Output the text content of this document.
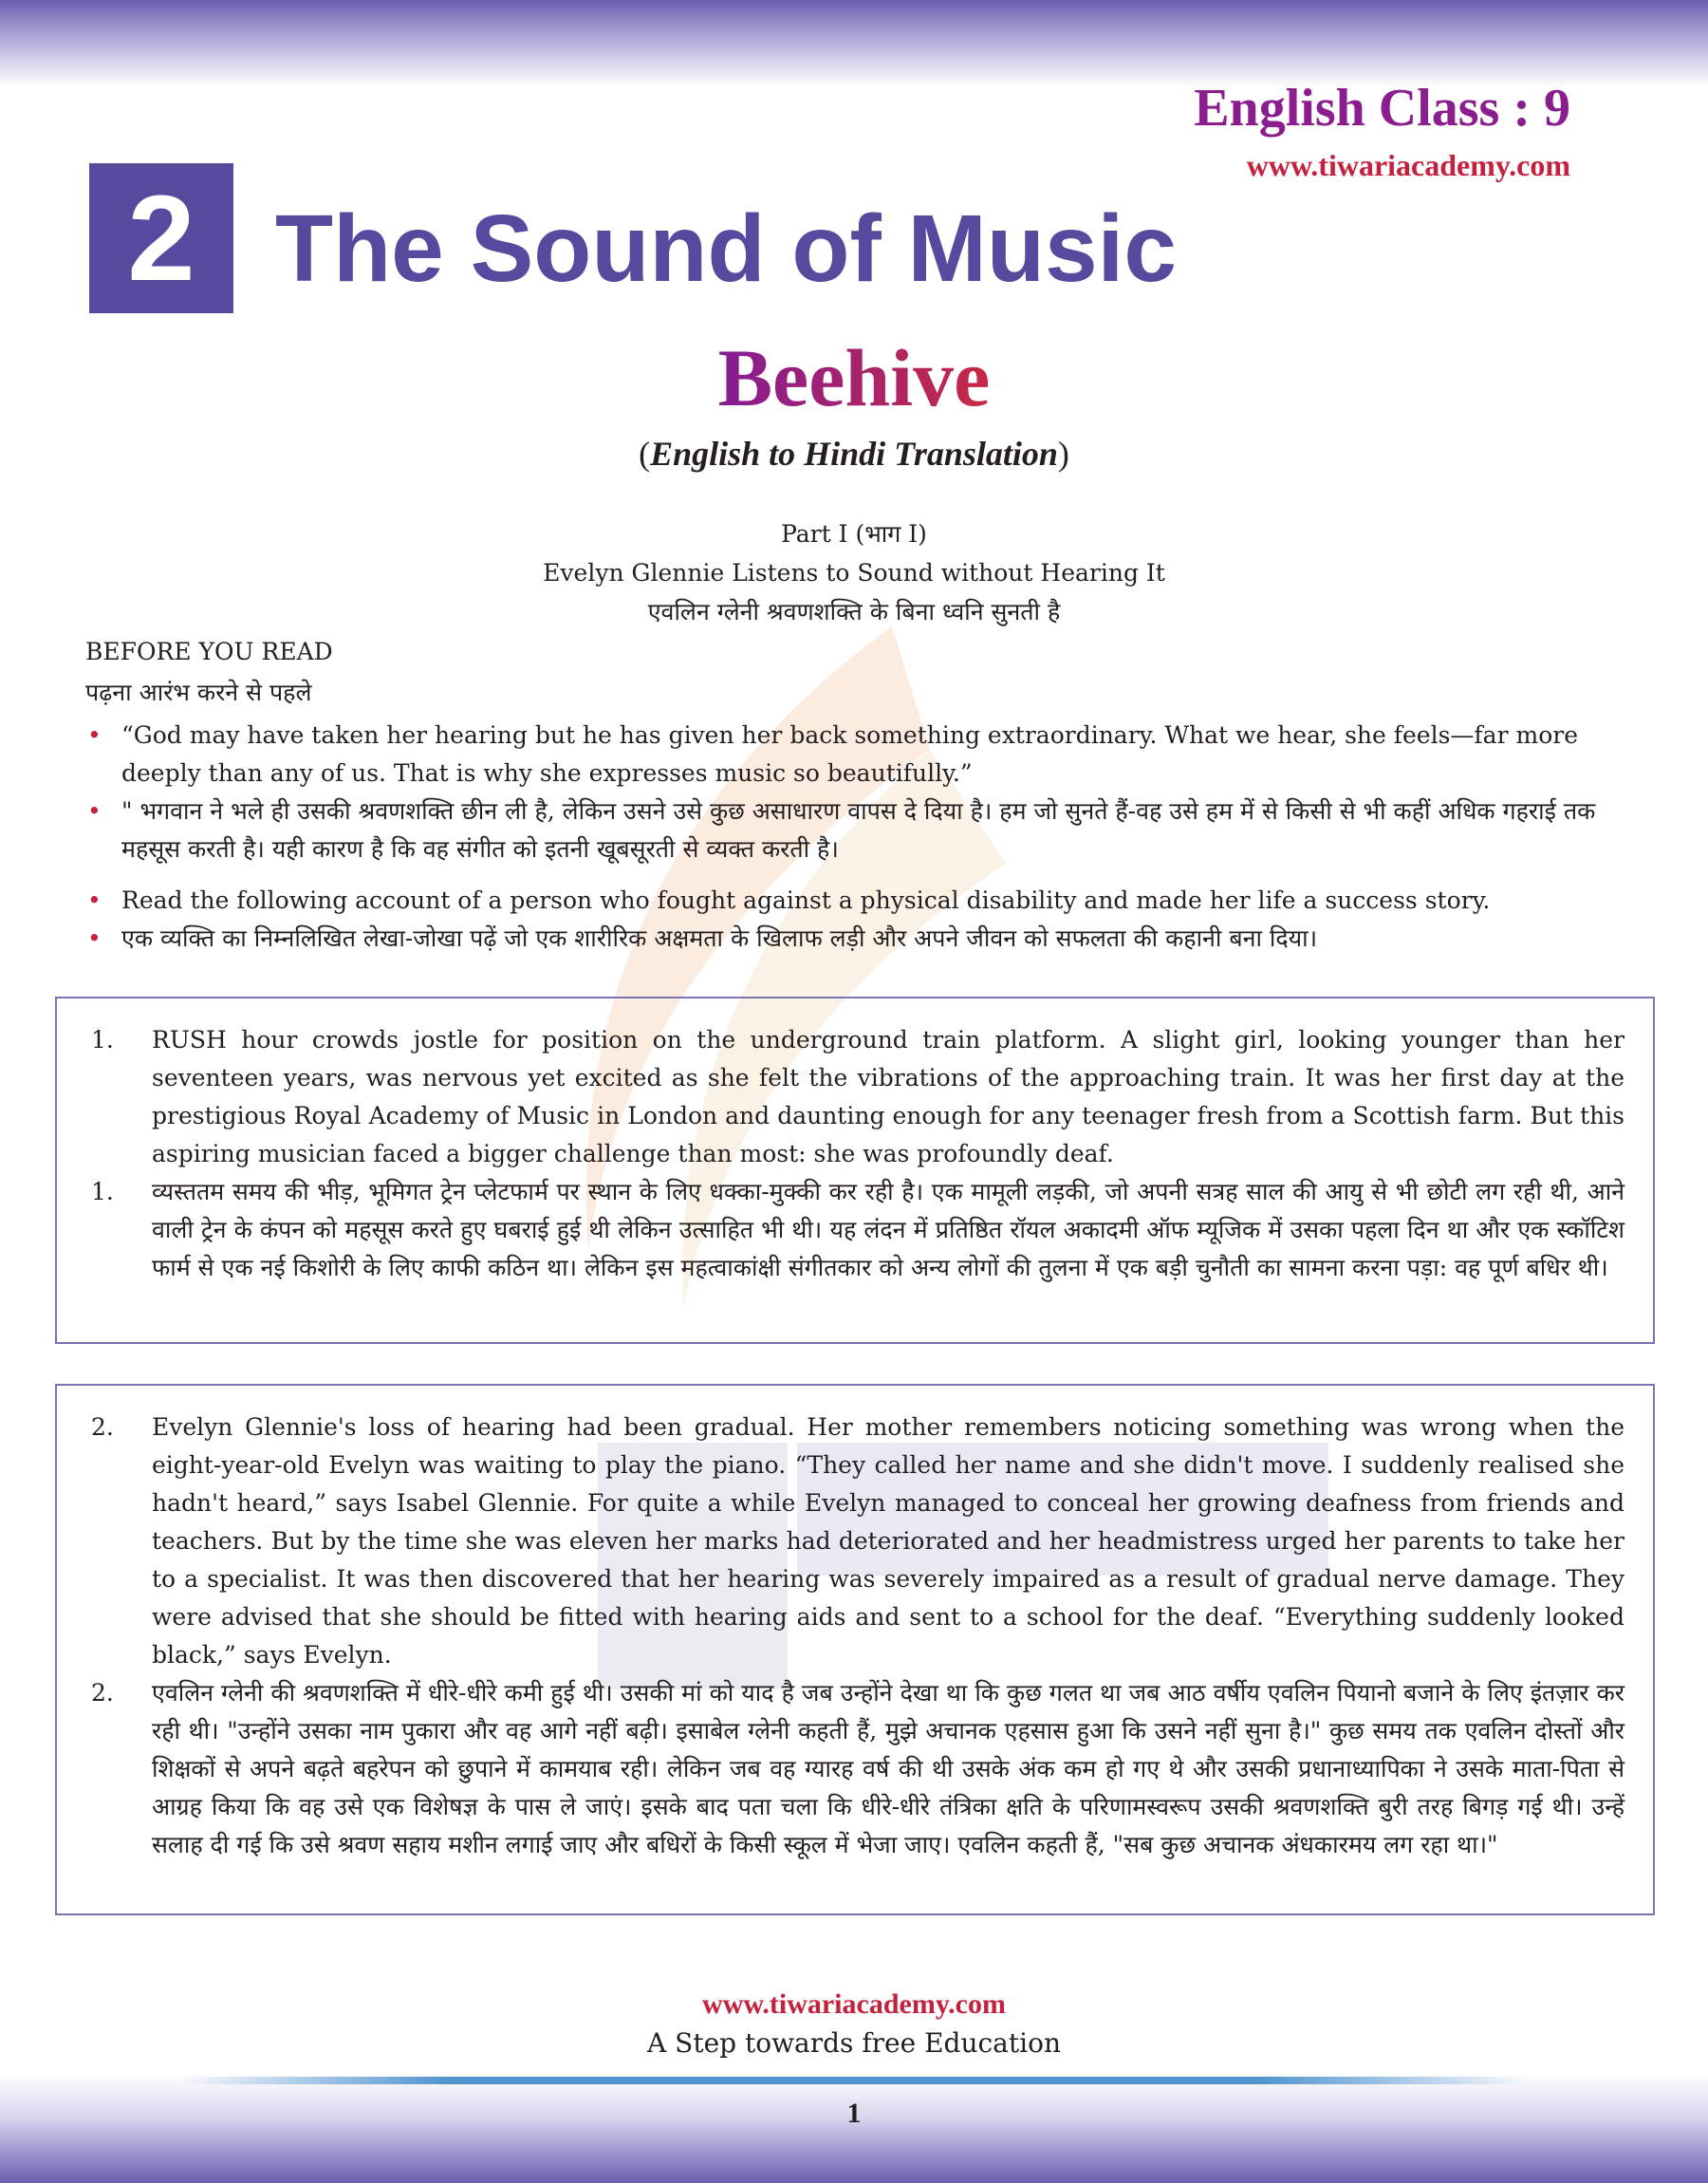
English Class : 9
www.tiwariacademy.com
2 The Sound of Music
Beehive
(English to Hindi Translation)
Part I (भाग I)
Evelyn Glennie Listens to Sound without Hearing It
एवलिन ग्लेनी श्रवणशक्ति के बिना ध्वनि सुनती है
BEFORE YOU READ
पढ़ना आरंभ करने से पहले
• “God may have taken her hearing but he has given her back something extraordinary. What we hear, she feels—far more deeply than any of us. That is why she expresses music so beautifully.”
• " भगवान ने भले ही उसकी श्रवणशक्ति छीन ली है, लेकिन उसने उसे कुछ असाधारण वापस दे दिया है। हम जो सुनते हैं-वह उसे हम में से किसी से भी कहीं अधिक गहराई तक महसूस करती है। यही कारण है कि वह संगीत को इतनी खूबसूरती से व्यक्त करती है।
• Read the following account of a person who fought against a physical disability and made her life a success story.
• एक व्यक्ति का निम्नलिखित लेखा-जोखा पढ़ें जो एक शारीरिक अक्षमता के खिलाफ लड़ी और अपने जीवन को सफलता की कहानी बना दिया।
1. RUSH hour crowds jostle for position on the underground train platform. A slight girl, looking younger than her seventeen years, was nervous yet excited as she felt the vibrations of the approaching train. It was her first day at the prestigious Royal Academy of Music in London and daunting enough for any teenager fresh from a Scottish farm. But this aspiring musician faced a bigger challenge than most: she was profoundly deaf.
1. व्यस्ततम समय की भीड़, भूमिगत ट्रेन प्लेटफार्म पर स्थान के लिए धक्का-मुक्की कर रही है। एक मामूली लड़की, जो अपनी सत्रह साल की आयु से भी छोटी लग रही थी, आने वाली ट्रेन के कंपन को महसूस करते हुए घबराई हुई थी लेकिन उत्साहित भी थी। यह लंदन में प्रतिष्ठित रॉयल अकादमी ऑफ म्यूजिक में उसका पहला दिन था और एक स्कॉटिश फार्म से एक नई किशोरी के लिए काफी कठिन था। लेकिन इस महत्वाकांक्षी संगीतकार को अन्य लोगों की तुलना में एक बड़ी चुनौती का सामना करना पड़ा: वह पूर्ण बधिर थी।
2. Evelyn Glennie's loss of hearing had been gradual. Her mother remembers noticing something was wrong when the eight-year-old Evelyn was waiting to play the piano. “They called her name and she didn't move. I suddenly realised she hadn't heard,” says Isabel Glennie. For quite a while Evelyn managed to conceal her growing deafness from friends and teachers. But by the time she was eleven her marks had deteriorated and her headmistress urged her parents to take her to a specialist. It was then discovered that her hearing was severely impaired as a result of gradual nerve damage. They were advised that she should be fitted with hearing aids and sent to a school for the deaf. “Everything suddenly looked black,” says Evelyn.
2. एवलिन ग्लेनी की श्रवणशक्ति में धीरे-धीरे कमी हुई थी। उसकी मां को याद है जब उन्होंने देखा था कि कुछ गलत था जब आठ वर्षीय एवलिन पियानो बजाने के लिए इंतज़ार कर रही थी। "उन्होंने उसका नाम पुकारा और वह आगे नहीं बढ़ी। इसाबेल ग्लेनी कहती हैं, मुझे अचानक एहसास हुआ कि उसने नहीं सुना है।" कुछ समय तक एवलिन दोस्तों और शिक्षकों से अपने बढ़ते बहरेपन को छुपाने में कामयाब रही। लेकिन जब वह ग्यारह वर्ष की थी उसके अंक कम हो गए थे और उसकी प्रधानाध्यापिका ने उसके माता-पिता से आग्रह किया कि वह उसे एक विशेषज्ञ के पास ले जाएं। इसके बाद पता चला कि धीरे-धीरे तंत्रिका क्षति के परिणामस्वरूप उसकी श्रवणशक्ति बुरी तरह बिगड़ गई थी। उन्हें सलाह दी गई कि उसे श्रवण सहाय मशीन लगाई जाए और बधिरों के किसी स्कूल में भेजा जाए। एवलिन कहती हैं, "सब कुछ अचानक अंधकारमय लग रहा था।"
www.tiwariacademy.com
A Step towards free Education
1
